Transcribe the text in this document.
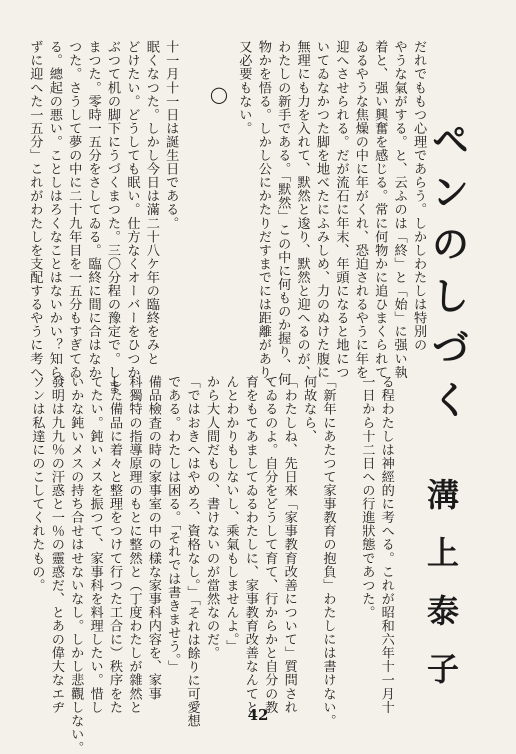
ペンのしづく
だれでももつ心理であらう。しかしわたしは特別の
やうな氣がする。と、云ふのは「終」と「始」に强い執
着と、强い興奮を感じる。常に何物かに追ひまくられて
ゐるやうな焦燥の中に年がくれ、恐迫されるやうに年を
迎へさせられる。だが流石に年末、年頭になると地につ
いてゐなかつた脚を地べたにふみしめ、力のぬけた腹に
無理にも力を入れて、默然と逡り、默然と迎へるのが、
わたしの新手である。「默然」この中に何ものか握り、何
物かを悟る。しかし公にかたりだすまでには距離があり、
又必要もない。
◯
十一月十一日は誕生日である。
眠くなつた。しかし今日は滿二十八ケ年の臨終をみと
どけたい。どうしても眠い。仕方なくオーバーをひつか
ぶつて机の脚下にうづくまつた。三〇分程の豫定で。しま
まつた。零時一五分をさしてゐる。臨終に間に合はなか
つた。さうして夢の中に二十九年目を一五分もすぎてゐ
る。總起の悪い。ことしはろくなことはないかい？知ら
ずに迎へた一五分」これがわたしを支配するやうに考へ
る程わたしは神經的に考へる。これが昭和六年十一月十
一日から十二日への行進狀態であつた。

「新年にあたつて家事教育の抱負」わたしには書けない。
何故なら、
「わたしね、先日來「家事教育改善について」質問され
てゐるのよ。自分をどうして育て、行からかと自分の教
育をもてあましてゐるわたしに、家事教育改善なんてと
んとわかりもしないし、乘氣もしませんよ。」
から大人間だもの、書けないのが當然なのだ。
「ではおきへはやめろ、資格なし。」「それは餘りに可愛想
である。わたしは困る。「それでは書きませう。」
備品檢査の時の家事室の中の樣な家事科内容を、家事
科獨特の指導原理のもとに整然と（丁度わたしが雜然と
した備品に着々と整理をつけて行つた工合に）秩序をた
てたい。鈍いメスを振つて、家事科を料理したい。惜し
いかな鈍いメスの持ち合せはせないなし。しかし悲觀しない。
發明は九九％の汗惑と一％の靈惑だ、とあの偉大なエヂ
ソンは私達にのこしてくれたもの。	溝上泰子
42
